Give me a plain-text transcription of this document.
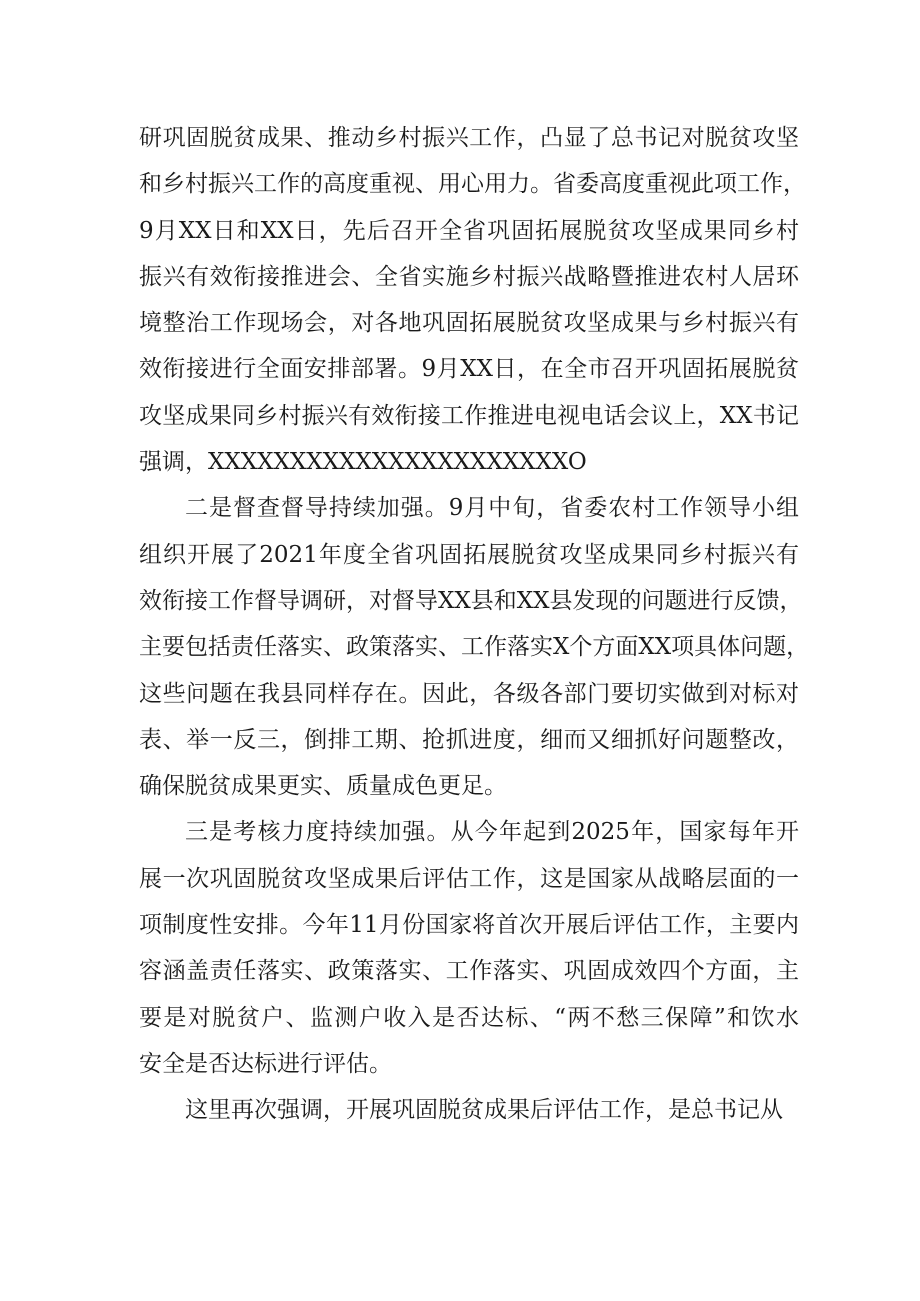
研巩固脱贫成果、推动乡村振兴工作，凸显了总书记对脱贫攻坚
和乡村振兴工作的高度重视、用心用力。省委高度重视此项工作，
9月XX日和XX日，先后召开全省巩固拓展脱贫攻坚成果同乡村
振兴有效衔接推进会、全省实施乡村振兴战略暨推进农村人居环
境整治工作现场会，对各地巩固拓展脱贫攻坚成果与乡村振兴有
效衔接进行全面安排部署。9月XX日，在全市召开巩固拓展脱贫
攻坚成果同乡村振兴有效衔接工作推进电视电话会议上，XX书记
强调，XXXXXXXXXXXXXXXXXXXXXXO
二是督查督导持续加强。9月中旬，省委农村工作领导小组
组织开展了2021年度全省巩固拓展脱贫攻坚成果同乡村振兴有
效衔接工作督导调研，对督导XX县和XX县发现的问题进行反馈，
主要包括责任落实、政策落实、工作落实X个方面XX项具体问题，
这些问题在我县同样存在。因此，各级各部门要切实做到对标对
表、举一反三，倒排工期、抢抓进度，细而又细抓好问题整改，
确保脱贫成果更实、质量成色更足。
三是考核力度持续加强。从今年起到2025年，国家每年开
展一次巩固脱贫攻坚成果后评估工作，这是国家从战略层面的一
项制度性安排。今年11月份国家将首次开展后评估工作，主要内
容涵盖责任落实、政策落实、工作落实、巩固成效四个方面，主
要是对脱贫户、监测户收入是否达标、“两不愁三保障”和饮水
安全是否达标进行评估。
这里再次强调，开展巩固脱贫成果后评估工作，是总书记从
